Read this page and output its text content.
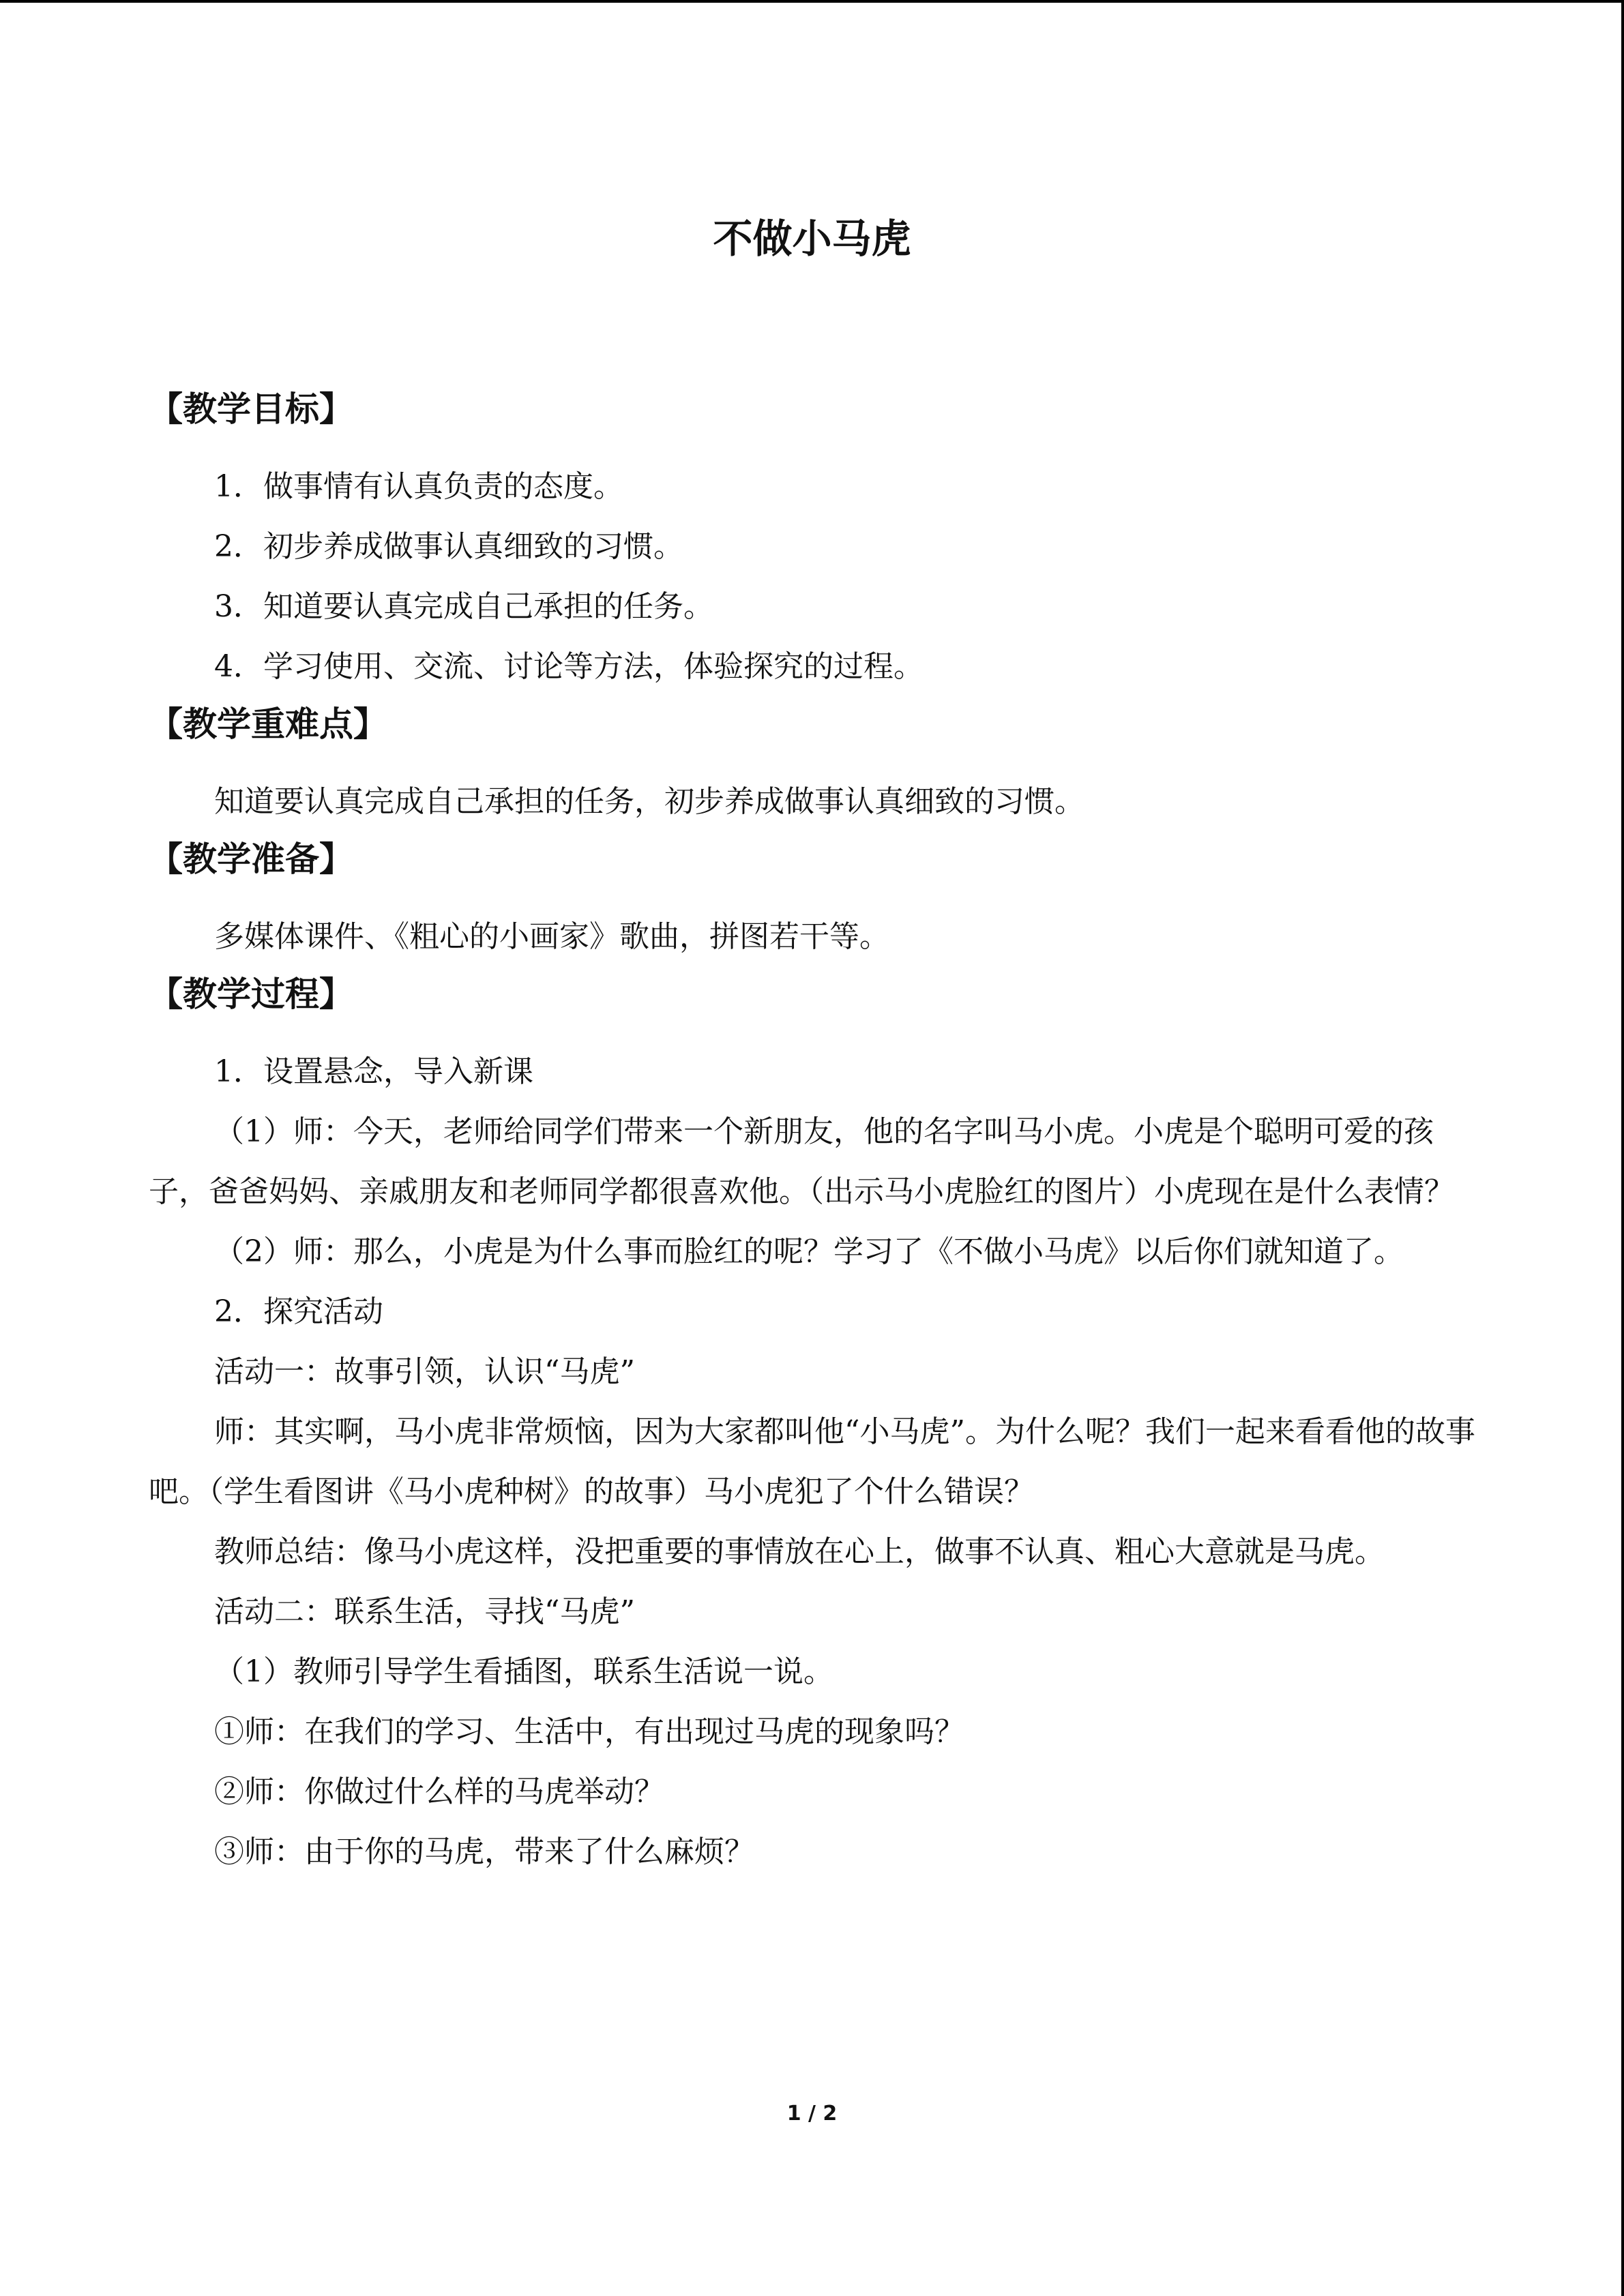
不做小马虎
【教学目标】
1．做事情有认真负责的态度。
2．初步养成做事认真细致的习惯。
3．知道要认真完成自己承担的任务。
4．学习使用、交流、讨论等方法，体验探究的过程。
【教学重难点】
知道要认真完成自己承担的任务，初步养成做事认真细致的习惯。
【教学准备】
多媒体课件、《粗心的小画家》歌曲，拼图若干等。
【教学过程】
1．设置悬念，导入新课
（1）师：今天，老师给同学们带来一个新朋友，他的名字叫马小虎。小虎是个聪明可爱的孩子，爸爸妈妈、亲戚朋友和老师同学都很喜欢他。（出示马小虎脸红的图片）小虎现在是什么表情？
（2）师：那么，小虎是为什么事而脸红的呢？学习了《不做小马虎》以后你们就知道了。
2．探究活动
活动一：故事引领，认识“马虎”
师：其实啊，马小虎非常烦恼，因为大家都叫他“小马虎”。为什么呢？我们一起来看看他的故事吧。（学生看图讲《马小虎种树》的故事）马小虎犯了个什么错误？
教师总结：像马小虎这样，没把重要的事情放在心上，做事不认真、粗心大意就是马虎。
活动二：联系生活，寻找“马虎”
（1）教师引导学生看插图，联系生活说一说。
①师：在我们的学习、生活中，有出现过马虎的现象吗？
②师：你做过什么样的马虎举动？
③师：由于你的马虎，带来了什么麻烦？
1 / 2
